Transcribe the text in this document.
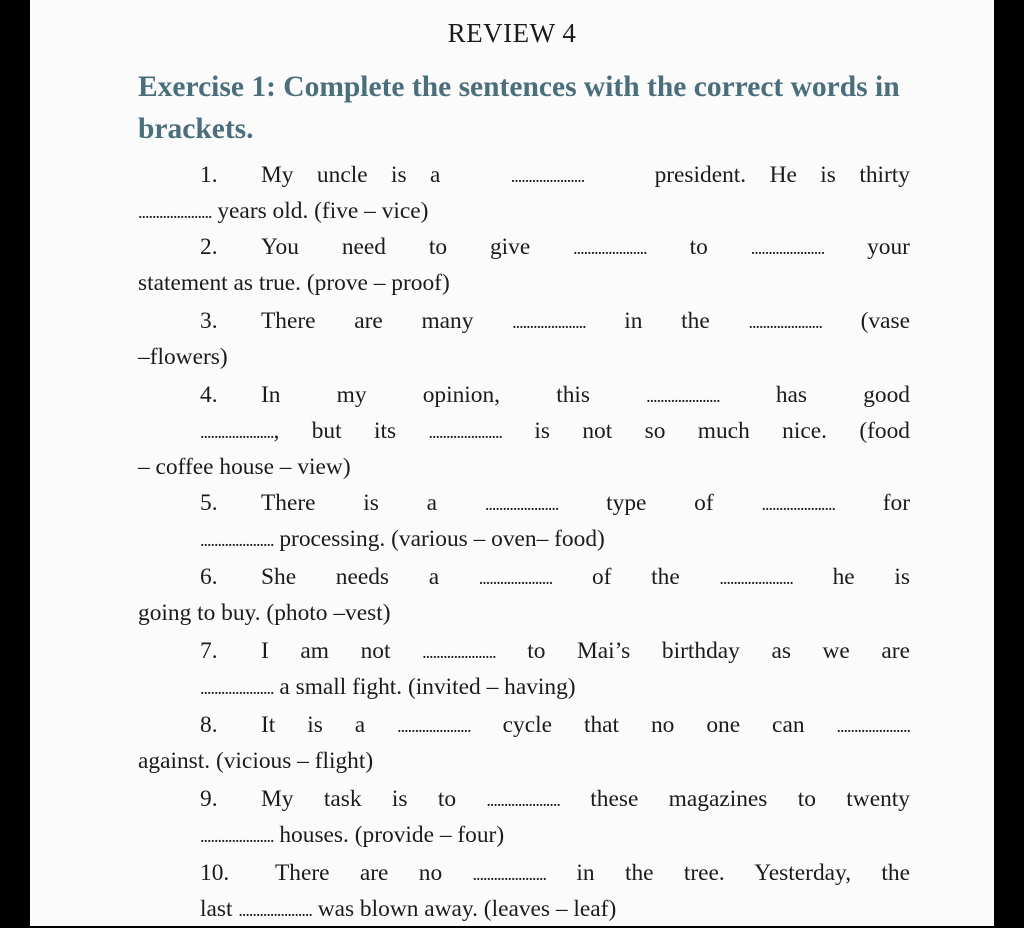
REVIEW 4
Exercise 1: Complete the sentences with the correct words in brackets.
1. My uncle is a	.....................	president. He is thirty
..................... years old. (five – vice)
2. You need to give ..................... to ..................... your
statement as true. (prove – proof)
3. There are many ..................... in the ..................... (vase
–flowers)
4. In my opinion, this	..................... has good
....................., but its ..................... is not so much nice. (food
– coffee house – view)
5. There is a	..................... type of	..................... for
..................... processing. (various – oven– food)
6. She needs a ..................... of the ..................... he is
going to buy. (photo –vest)
7. I am not ..................... to Mai’s birthday as we are
..................... a small fight. (invited – having)
8. It is a ..................... cycle that no one can .....................
against. (vicious – flight)
9. My task is to ..................... these magazines to twenty
..................... houses. (provide – four)
10. There are no ..................... in the tree. Yesterday, the
last ..................... was blown away. (leaves – leaf)
